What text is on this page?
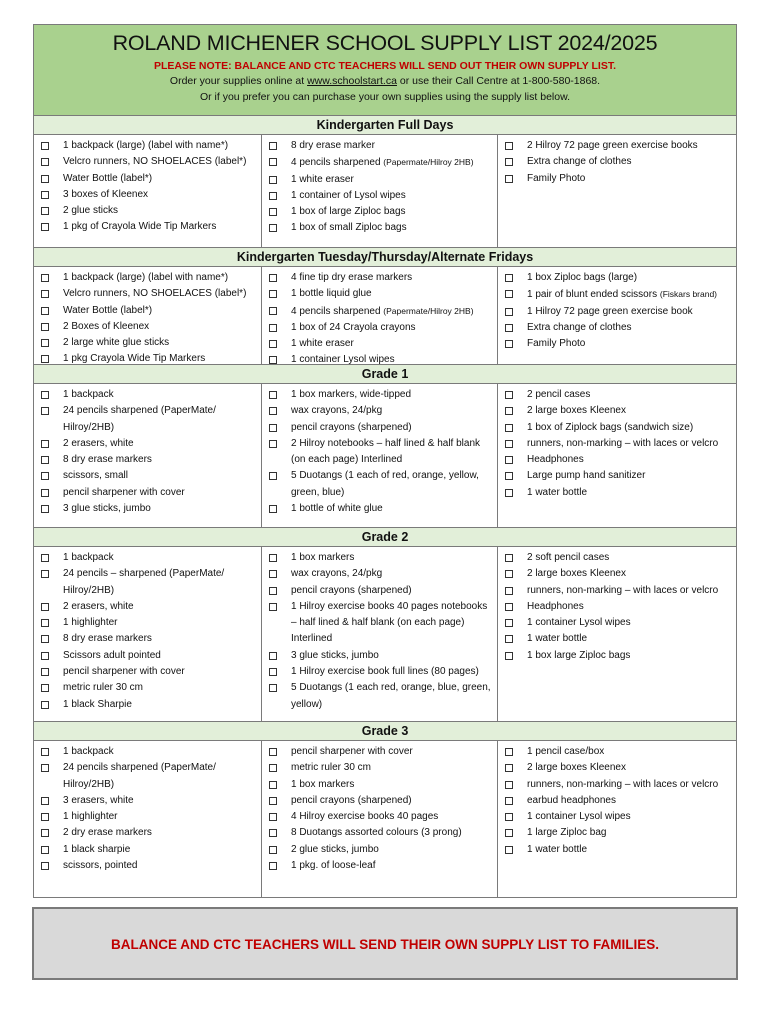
ROLAND MICHENER SCHOOL SUPPLY LIST 2024/2025
PLEASE NOTE: BALANCE AND CTC TEACHERS WILL SEND OUT THEIR OWN SUPPLY LIST.
Order your supplies online at www.schoolstart.ca or use their Call Centre at 1-800-580-1868.
Or if you prefer you can purchase your own supplies using the supply list below.
Kindergarten Full Days
1 backpack (large) (label with name*)
Velcro runners, NO SHOELACES (label*)
Water Bottle (label*)
3 boxes of Kleenex
2 glue sticks
1 pkg of Crayola Wide Tip Markers
8 dry erase marker
4 pencils sharpened (Papermate/Hilroy 2HB)
1 white eraser
1 container of Lysol wipes
1 box of large Ziploc bags
1 box of small Ziploc bags
2 Hilroy 72 page green exercise books
Extra change of clothes
Family Photo
Kindergarten Tuesday/Thursday/Alternate Fridays
1 backpack (large) (label with name*)
Velcro runners, NO SHOELACES (label*)
Water Bottle (label*)
2 Boxes of Kleenex
2 large white glue sticks
1 pkg Crayola Wide Tip Markers
4 fine tip dry erase markers
1 bottle liquid glue
4 pencils sharpened (Papermate/Hilroy 2HB)
1 box of 24 Crayola crayons
1 white eraser
1 container Lysol wipes
1 box Ziploc bags (large)
1 pair of blunt ended scissors (Fiskars brand)
1 Hilroy 72 page green exercise book
Extra change of clothes
Family Photo
Grade 1
1 backpack
24 pencils sharpened (PaperMate/ Hilroy/2HB)
2 erasers, white
8 dry erase markers
scissors, small
pencil sharpener with cover
3 glue sticks, jumbo
1 box markers, wide-tipped
wax crayons, 24/pkg
pencil crayons (sharpened)
2 Hilroy notebooks – half lined & half blank (on each page) Interlined
5 Duotangs (1 each of red, orange, yellow, green, blue)
1 bottle of white glue
2 pencil cases
2 large boxes Kleenex
1 box of Ziplock bags (sandwich size)
runners, non-marking – with laces or velcro
Headphones
Large pump hand sanitizer
1 water bottle
Grade 2
1 backpack
24 pencils – sharpened (PaperMate/ Hilroy/2HB)
2 erasers, white
1 highlighter
8 dry erase markers
Scissors adult pointed
pencil sharpener with cover
metric ruler 30 cm
1 black Sharpie
1 box markers
wax crayons, 24/pkg
pencil crayons (sharpened)
1 Hilroy exercise books 40 pages notebooks – half lined & half blank (on each page) Interlined
3 glue sticks, jumbo
1 Hilroy exercise book full lines (80 pages)
5 Duotangs (1 each red, orange, blue, green, yellow)
2 soft pencil cases
2 large boxes Kleenex
runners, non-marking – with laces or velcro
Headphones
1 container Lysol wipes
1 water bottle
1 box large Ziploc bags
Grade 3
1 backpack
24 pencils sharpened (PaperMate/ Hilroy/2HB)
3 erasers, white
1 highlighter
2 dry erase markers
1 black sharpie
scissors, pointed
pencil sharpener with cover
metric ruler 30 cm
1 box markers
pencil crayons (sharpened)
4 Hilroy exercise books 40 pages
8 Duotangs assorted colours (3 prong)
2 glue sticks, jumbo
1 pkg. of loose-leaf
1 pencil case/box
2 large boxes Kleenex
runners, non-marking – with laces or velcro
earbud headphones
1 container Lysol wipes
1 large Ziploc bag
1 water bottle
BALANCE AND CTC TEACHERS WILL SEND THEIR OWN SUPPLY LIST TO FAMILIES.
